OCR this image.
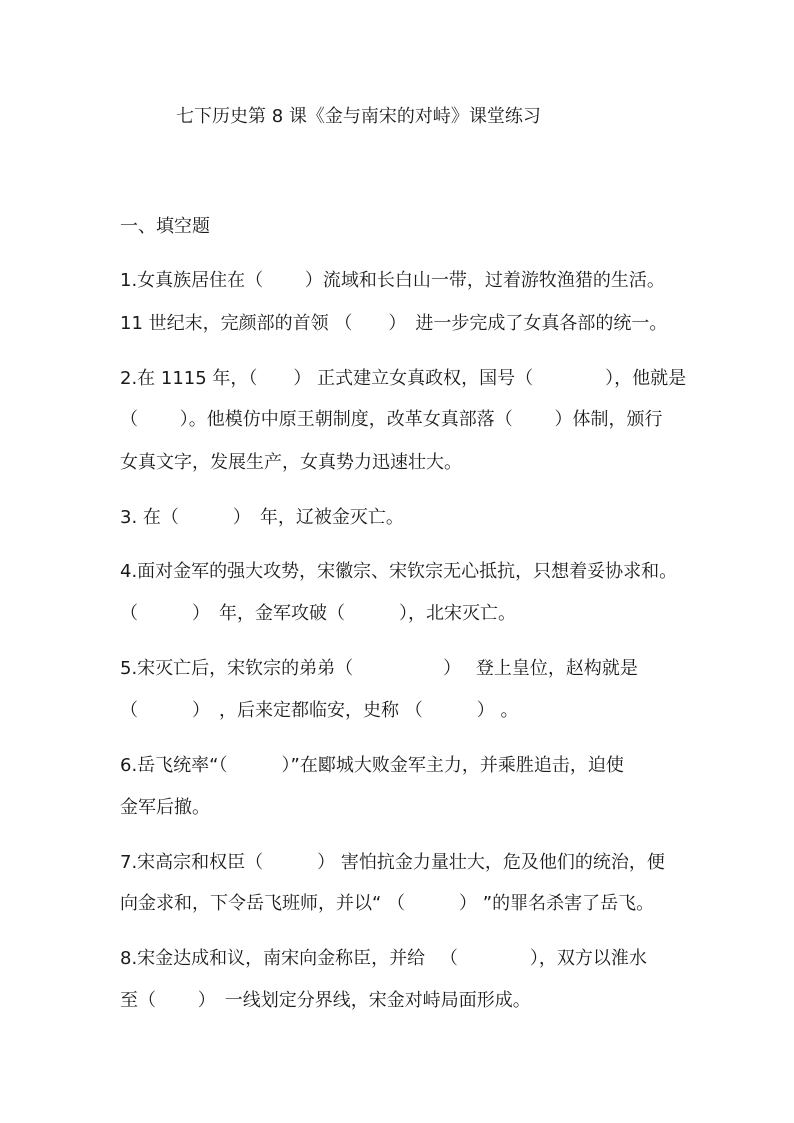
七下历史第 8 课《金与南宋的对峙》课堂练习
一、填空题
1.女真族居住在（　　 ）流域和长白山一带，过着游牧渔猎的生活。
11 世纪末，完颜部的首领 （　　）　进一步完成了女真各部的统一。
2.在 1115 年，（　　） 正式建立女真政权，国号（　　　　），他就是
（　　 ）。他模仿中原王朝制度，改革女真部落（　　 ）体制，颁行
女真文字，发展生产，女真势力迅速壮大。
3. 在（　　　）　年，辽被金灭亡。
4.面对金军的强大攻势，宋徽宗、宋钦宗无心抵抗，只想着妥协求和。
（　　　）　年，金军攻破（　　　），北宋灭亡。
5.宋灭亡后，宋钦宗的弟弟（　　　　　）　 登上皇位，赵构就是
（　　　）　，后来定都临安，史称 （　　　） 。
6.岳飞统率“（　　　）”在郾城大败金军主力，并乘胜追击，迫使
金军后撤。
7.宋高宗和权臣（　　　） 害怕抗金力量壮大，危及他们的统治，便
向金求和，下令岳飞班师，并以“ （　　　） ”的罪名杀害了岳飞。
8.宋金达成和议，南宋向金称臣，并给 　（　　　　），双方以淮水
至（　　 ）　一线划定分界线，宋金对峙局面形成。
